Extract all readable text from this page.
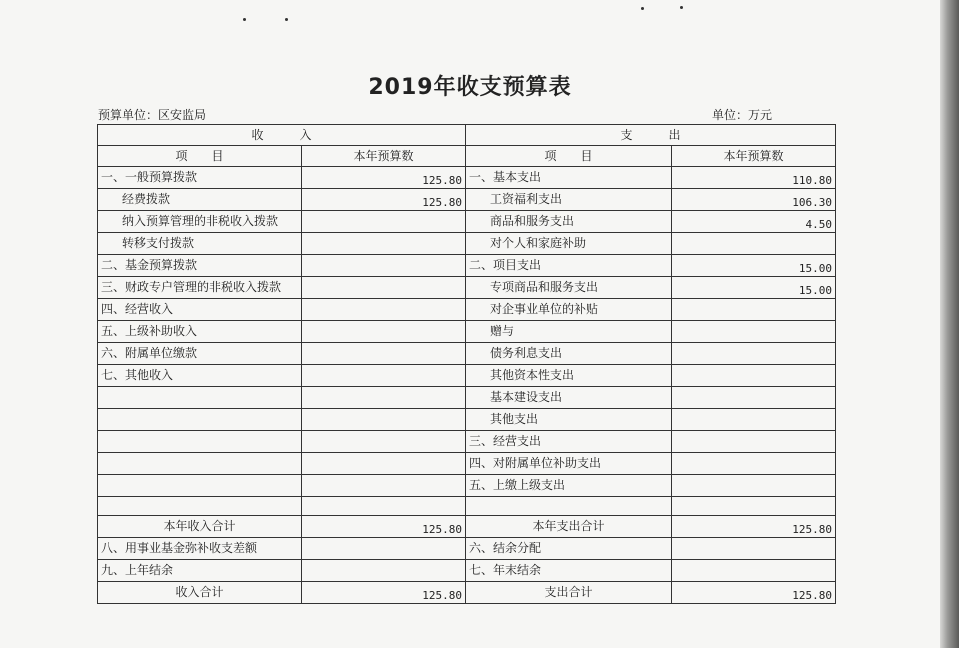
2019年收支预算表
预算单位：区安监局	单位：万元
收　　　入		支　　　出	
项　　目	本年预算数	项　　目	本年预算数
一、一般预算拨款	125.80	一、基本支出	110.80
经费拨款	125.80	工资福利支出	106.30
纳入预算管理的非税收入拨款		商品和服务支出	4.50
转移支付拨款		对个人和家庭补助	
二、基金预算拨款		二、项目支出	15.00
三、财政专户管理的非税收入拨款		专项商品和服务支出	15.00
四、经营收入		对企事业单位的补贴	
五、上级补助收入		赠与	
六、附属单位缴款		债务利息支出	
七、其他收入		其他资本性支出	
		基本建设支出	
		其他支出	
		三、经营支出	
		四、对附属单位补助支出	
		五、上缴上级支出	

本年收入合计	125.80	本年支出合计	125.80
八、用事业基金弥补收支差额		六、结余分配	
九、上年结余		七、年末结余	
收入合计	125.80	支出合计	125.80
